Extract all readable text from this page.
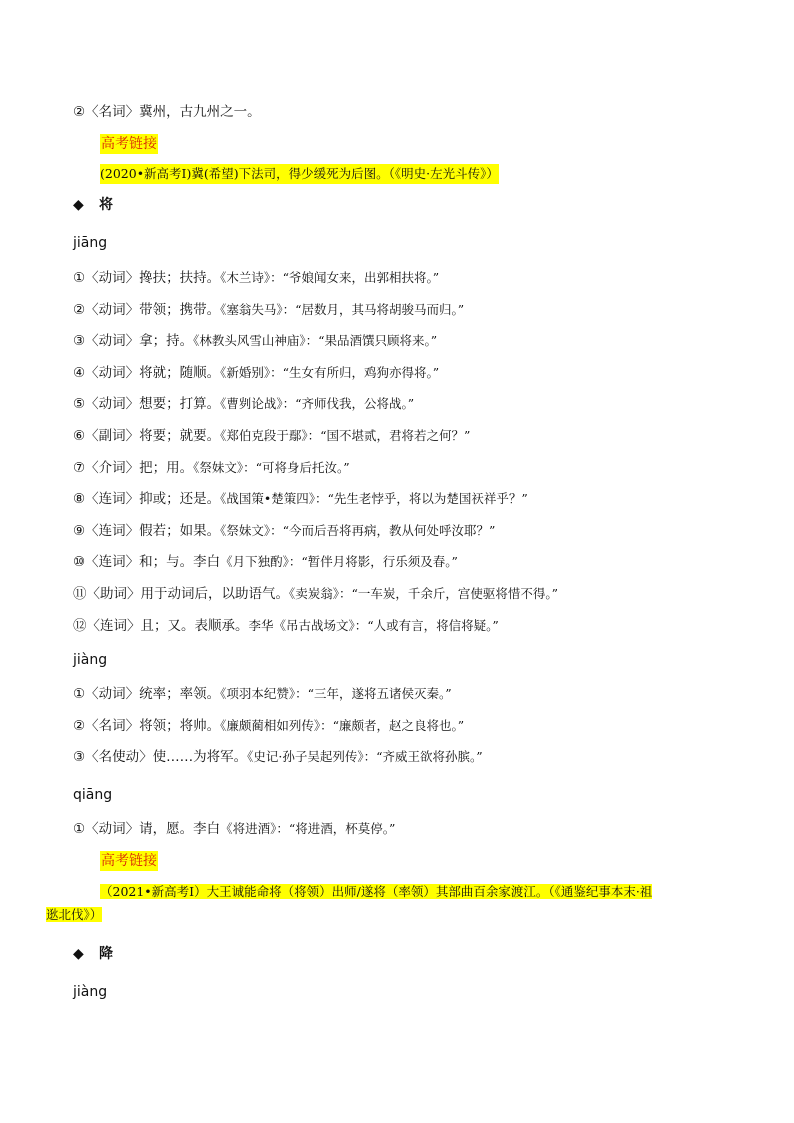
②〈名词〉冀州，古九州之一。
高考链接
(2020•新高考Ⅰ)冀(希望)下法司，得少缓死为后图。（《明史·左光斗传》）
◆ 将
jiāng
①〈动词〉搀扶；扶持。《木兰诗》：“爷娘闻女来，出郭相扶将。”
②〈动词〉带领；携带。《塞翁失马》：“居数月，其马将胡骏马而归。”
③〈动词〉拿；持。《林教头风雪山神庙》：“果品酒馔只顾将来。”
④〈动词〉将就；随顺。《新婚别》：“生女有所归，鸡狗亦得将。”
⑤〈动词〉想要；打算。《曹刿论战》：“齐师伐我，公将战。”
⑥〈副词〉将要；就要。《郑伯克段于鄢》：“国不堪贰，君将若之何？”
⑦〈介词〉把；用。《祭妹文》：“可将身后托汝。”
⑧〈连词〉抑或；还是。《战国策•楚策四》：“先生老悖乎，将以为楚国祆祥乎？”
⑨〈连词〉假若；如果。《祭妹文》：“今而后吾将再病，教从何处呼汝耶？”
⑩〈连词〉和；与。李白《月下独酌》：“暂伴月将影，行乐须及春。”
⑪〈助词〉用于动词后，以助语气。《卖炭翁》：“一车炭，千余斤，宫使驱将惜不得。”
⑫〈连词〉且；又。表顺承。李华《吊古战场文》：“人或有言，将信将疑。”
jiàng
①〈动词〉统率；率领。《项羽本纪赞》：“三年，遂将五诸侯灭秦。”
②〈名词〉将领；将帅。《廉颇蔺相如列传》：“廉颇者，赵之良将也。”
③〈名使动〉使……为将军。《史记·孙子吴起列传》：“齐威王欲将孙膑。”
qiāng
①〈动词〉请，愿。李白《将进酒》：“将进酒，杯莫停。”
高考链接
（2021•新高考Ⅰ）大王诚能命将（将领）出师/遂将（率领）其部曲百余家渡江。（《通鉴纪事本末·祖
逖北伐》）
◆ 降
jiàng
